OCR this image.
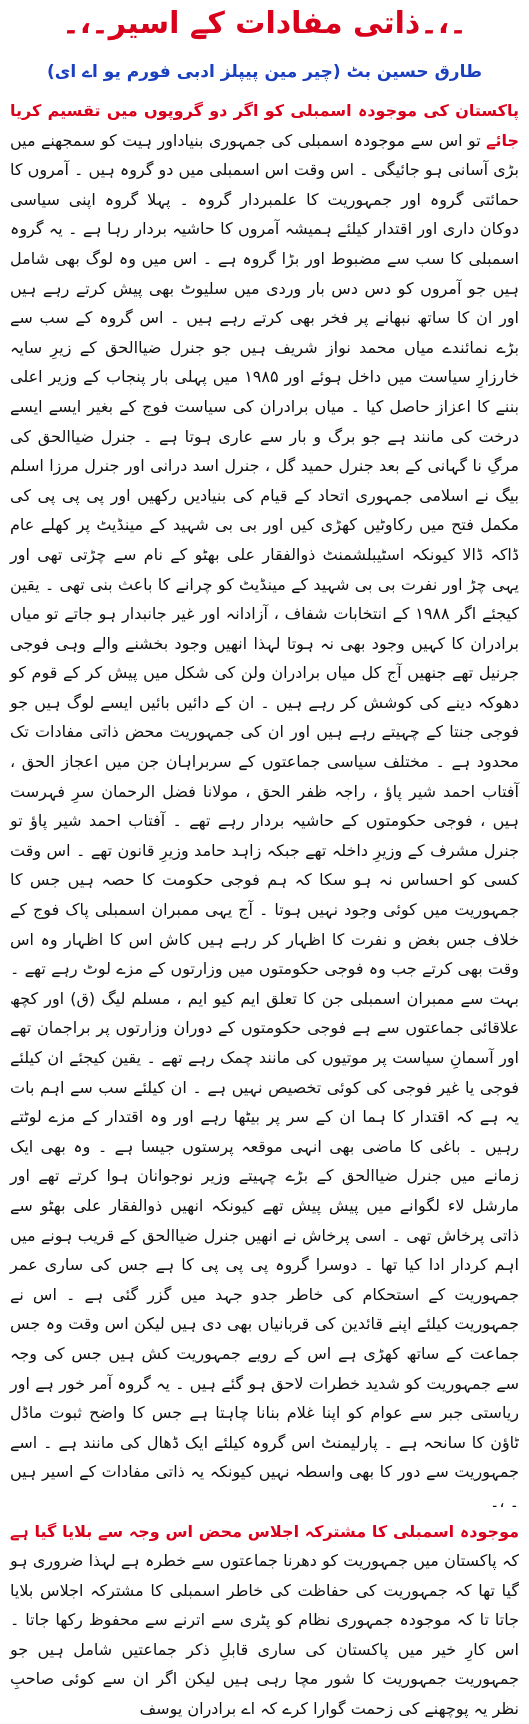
۔،۔ذاتی مفادات کے اسیر۔،۔
طارق حسین بٹ (چیر مین پیپلز ادبی فورم یو اے ای)

پاکستان کی موجودہ اسمبلی کو اگر دو گروپوں میں تقسیم کریا جائے تو اس سے موجودہ اسمبلی کی جمہوری بنیاداور ہیت کو سمجھنے میں بڑی آسانی ہو جائیگی ۔ اس وقت اس اسمبلی میں دو گروہ ہیں ۔ آمروں کا حمائتی گروہ اور جمہوریت کا علمبردار گروہ ۔ پہلا گروہ اپنی سیاسی دوکان داری اور اقتدار کیلئے ہمیشہ آمروں کا حاشیہ بردار رہا ہے ۔ یہ گروہ اسمبلی کا سب سے مضبوط اور بڑا گروہ ہے ۔ اس میں وہ لوگ بھی شامل ہیں جو آمروں کو دس دس بار وردی میں سلیوٹ بھی پیش کرتے رہے ہیں اور ان کا ساتھ نبھانے پر فخر بھی کرتے رہے ہیں ۔ اس گروہ کے سب سے بڑے نمائندے میاں محمد نواز شریف ہیں جو جنرل ضیاالحق کے زیرِ سایہ خارزارِ سیاست میں داخل ہوئے اور ۱۹۸۵ میں پہلی بار پنجاب کے وزیر اعلی بننے کا اعزاز حاصل کیا ۔ میاں برادران کی سیاست فوج کے بغیر ایسے ایسے درخت کی مانند ہے جو برگ و بار سے عاری ہوتا ہے ۔ جنرل ضیاالحق کی مرگِ نا گہانی کے بعد جنرل حمید گل ، جنرل اسد درانی اور جنرل مرزا اسلم بیگ نے اسلامی جمہوری اتحاد کے قیام کی بنیادیں رکھیں اور پی پی پی کی مکمل فتح میں رکاوٹیں کھڑی کیں اور بی بی شہید کے مینڈیٹ پر کھلے عام ڈاکہ ڈالا کیونکہ اسٹیبلشمنٹ ذوالفقار علی بھٹو کے نام سے چڑتی تھی اور یہی چڑ اور نفرت بی بی شہید کے مینڈیٹ کو چرانے کا باعث بنی تھی ۔ یقین کیجئے اگر ۱۹۸۸ کے انتخابات شفاف ، آزادانہ اور غیر جانبدار ہو جاتے تو میاں برادران کا کہیں وجود بھی نہ ہوتا لہذا انھیں وجود بخشنے والے وہی فوجی جرنیل تھے جنھیں آج کل میاں برادران ولن کی شکل میں پیش کر کے قوم کو دھوکہ دینے کی کوشش کر رہے ہیں ۔ ان کے دائیں بائیں ایسے لوگ ہیں جو فوجی جنتا کے چہیتے رہے ہیں اور ان کی جمہوریت محض ذاتی مفادات تک محدود ہے ۔ مختلف سیاسی جماعتوں کے سربراہان جن میں اعجاز الحق ، آفتاب احمد شیر پاؤ ، راجہ ظفر الحق ، مولانا فضل الرحمان سرِ فہرست ہیں ، فوجی حکومتوں کے حاشیہ بردار رہے تھے ۔ آفتاب احمد شیر پاؤ تو جنرل مشرف کے وزیرِ داخلہ تھے جبکہ زاہد حامد وزیرِ قانون تھے ۔ اس وقت کسی کو احساس نہ ہو سکا کہ ہم فوجی حکومت کا حصہ ہیں جس کا جمہوریت میں کوئی وجود نہیں ہوتا ۔ آج یہی ممبران اسمبلی پاک فوج کے خلاف جس بغض و نفرت کا اظہار کر رہے ہیں کاش اس کا اظہار وہ اس وقت بھی کرتے جب وہ فوجی حکومتوں میں وزارتوں کے مزے لوٹ رہے تھے ۔ بہت سے ممبران اسمبلی جن کا تعلق ایم کیو ایم ، مسلم لیگ (ق) اور کچھ علاقائی جماعتوں سے ہے فوجی حکومتوں کے دوران وزارتوں پر براجمان تھے اور آسمانِ سیاست پر موتیوں کی مانند چمک رہے تھے ۔ یقین کیجئے ان کیلئے فوجی یا غیر فوجی کی کوئی تخصیص نہیں ہے ۔ ان کیلئے سب سے اہم بات یہ ہے کہ اقتدار کا ہما ان کے سر پر بیٹھا رہے اور وہ اقتدار کے مزے لوٹتے رہیں ۔ باغی کا ماضی بھی انہی موقعہ پرستوں جیسا ہے ۔ وہ بھی ایک زمانے میں جنرل ضیاالحق کے بڑے چہیتے وزیر نوجوانان ہوا کرتے تھے اور مارشل لاء لگوانے میں پیش پیش تھے کیونکہ انھیں ذوالفقار علی بھٹو سے ذاتی پرخاش تھی ۔ اسی پرخاش نے انھیں جنرل ضیاالحق کے قریب ہونے میں اہم کردار ادا کیا تھا ۔ دوسرا گروہ پی پی پی کا ہے جس کی ساری عمر جمہوریت کے استحکام کی خاطر جدو جہد میں گزر گئی ہے ۔ اس نے جمہوریت کیلئے اپنے قائدین کی قربانیاں بھی دی ہیں لیکن اس وقت وہ جس جماعت کے ساتھ کھڑی ہے اس کے رویے جمہوریت کش ہیں جس کی وجہ سے جمہوریت کو شدید خطرات لاحق ہو گئے ہیں ۔ یہ گروہ آمر خور ہے اور ریاستی جبر سے عوام کو اپنا غلام بنانا چاہتا ہے جس کا واضح ثبوت ماڈل ٹاؤن کا سانحہ ہے ۔ پارلیمنٹ اس گروہ کیلئے ایک ڈھال کی مانند ہے ۔ اسے جمہوریت سے دور کا بھی واسطہ نہیں کیونکہ یہ ذاتی مفادات کے اسیر ہیں ۔ ،۔

موجودہ اسمبلی کا مشترکہ اجلاس محض اس وجہ سے بلایا گیا ہے کہ پاکستان میں جمہوریت کو دھرنا جماعتوں سے خطرہ ہے لہذا ضروری ہو گیا تھا کہ جمہوریت کی حفاظت کی خاطر اسمبلی کا مشترکہ اجلاس بلایا جاتا تا کہ موجودہ جمہوری نظام کو پٹری سے اترنے سے محفوظ رکھا جاتا ۔ اس کارِ خیر میں پاکستان کی ساری قابلِ ذکر جماعتیں شامل ہیں جو جمہوریت جمہوریت کا شور مچا رہی ہیں لیکن اگر ان سے کوئی صاحبِ نظر یہ پوچھنے کی زحمت گوارا کرے کہ اے برادران یوسف
